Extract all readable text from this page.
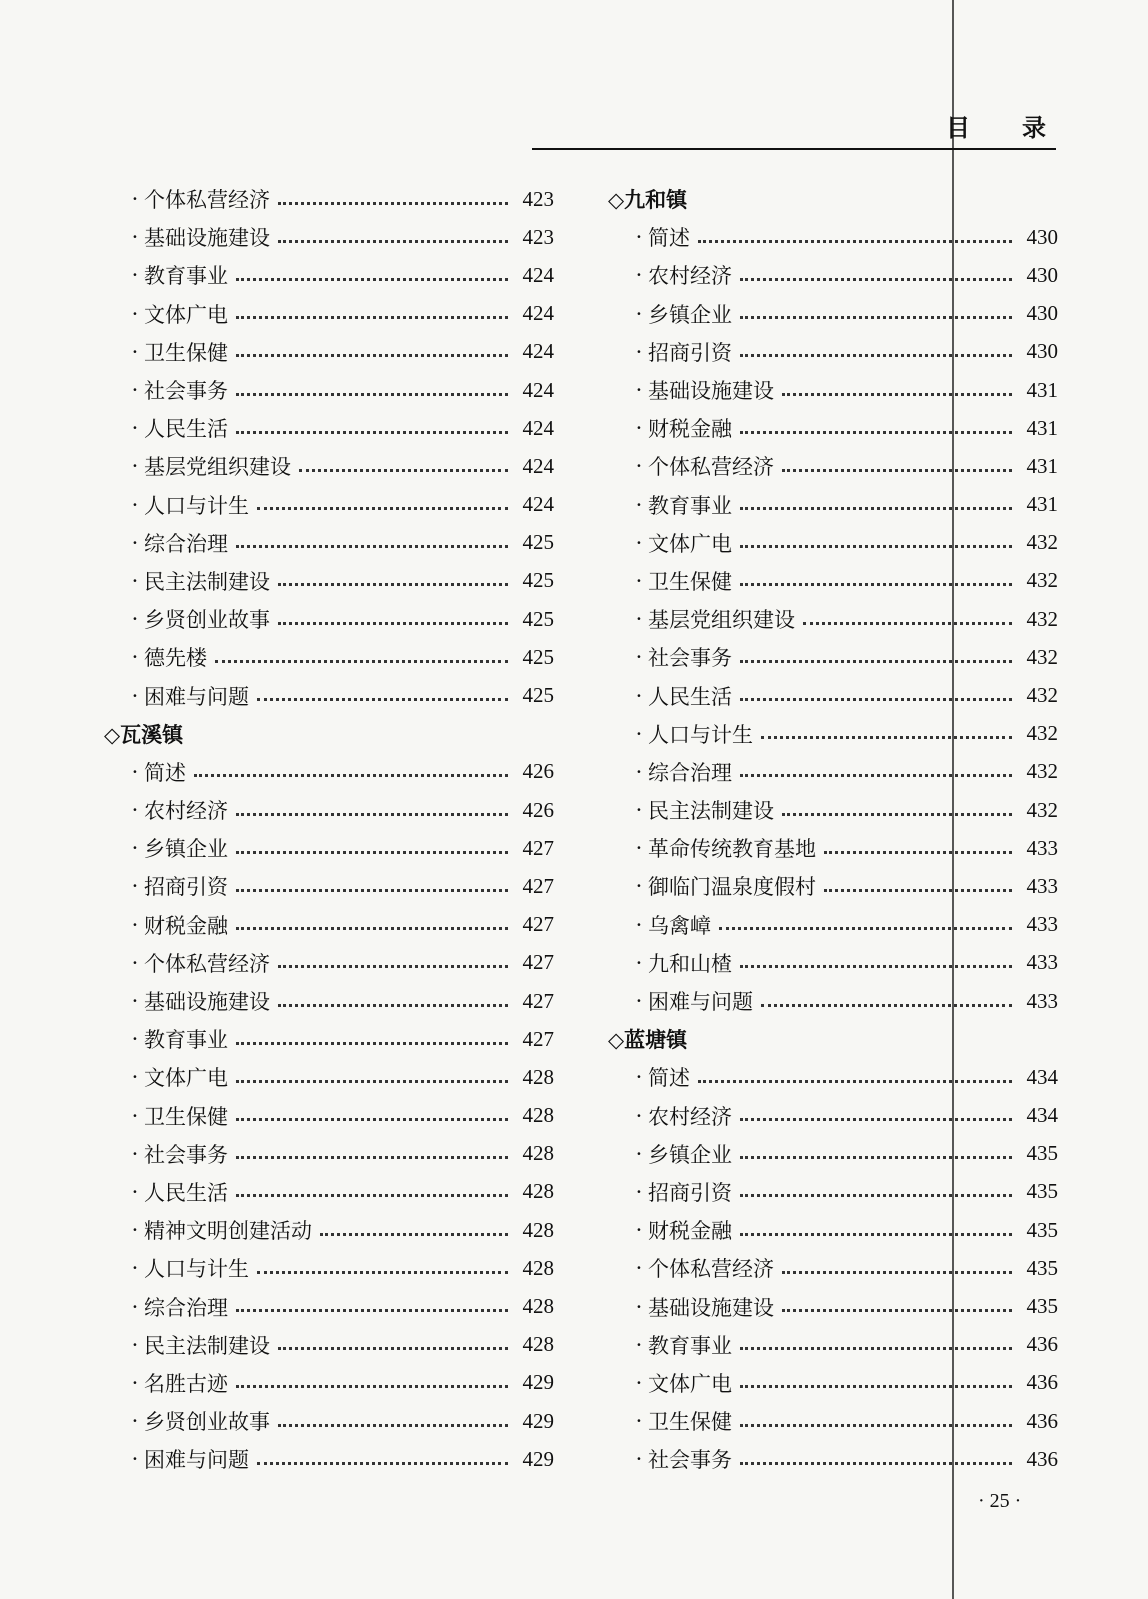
目 录
· 个体私营经济	423
· 基础设施建设	423
· 教育事业	424
· 文体广电	424
· 卫生保健	424
· 社会事务	424
· 人民生活	424
· 基层党组织建设	424
· 人口与计生	424
· 综合治理	425
· 民主法制建设	425
· 乡贤创业故事	425
· 德先楼	425
· 困难与问题	425
◇瓦溪镇
· 简述	426
· 农村经济	426
· 乡镇企业	427
· 招商引资	427
· 财税金融	427
· 个体私营经济	427
· 基础设施建设	427
· 教育事业	427
· 文体广电	428
· 卫生保健	428
· 社会事务	428
· 人民生活	428
· 精神文明创建活动	428
· 人口与计生	428
· 综合治理	428
· 民主法制建设	428
· 名胜古迹	429
· 乡贤创业故事	429
· 困难与问题	429
◇九和镇
· 简述	430
· 农村经济	430
· 乡镇企业	430
· 招商引资	430
· 基础设施建设	431
· 财税金融	431
· 个体私营经济	431
· 教育事业	431
· 文体广电	432
· 卫生保健	432
· 基层党组织建设	432
· 社会事务	432
· 人民生活	432
· 人口与计生	432
· 综合治理	432
· 民主法制建设	432
· 革命传统教育基地	433
· 御临门温泉度假村	433
· 乌禽嶂	433
· 九和山楂	433
· 困难与问题	433
◇蓝塘镇
· 简述	434
· 农村经济	434
· 乡镇企业	435
· 招商引资	435
· 财税金融	435
· 个体私营经济	435
· 基础设施建设	435
· 教育事业	436
· 文体广电	436
· 卫生保健	436
· 社会事务	436
· 25 ·
